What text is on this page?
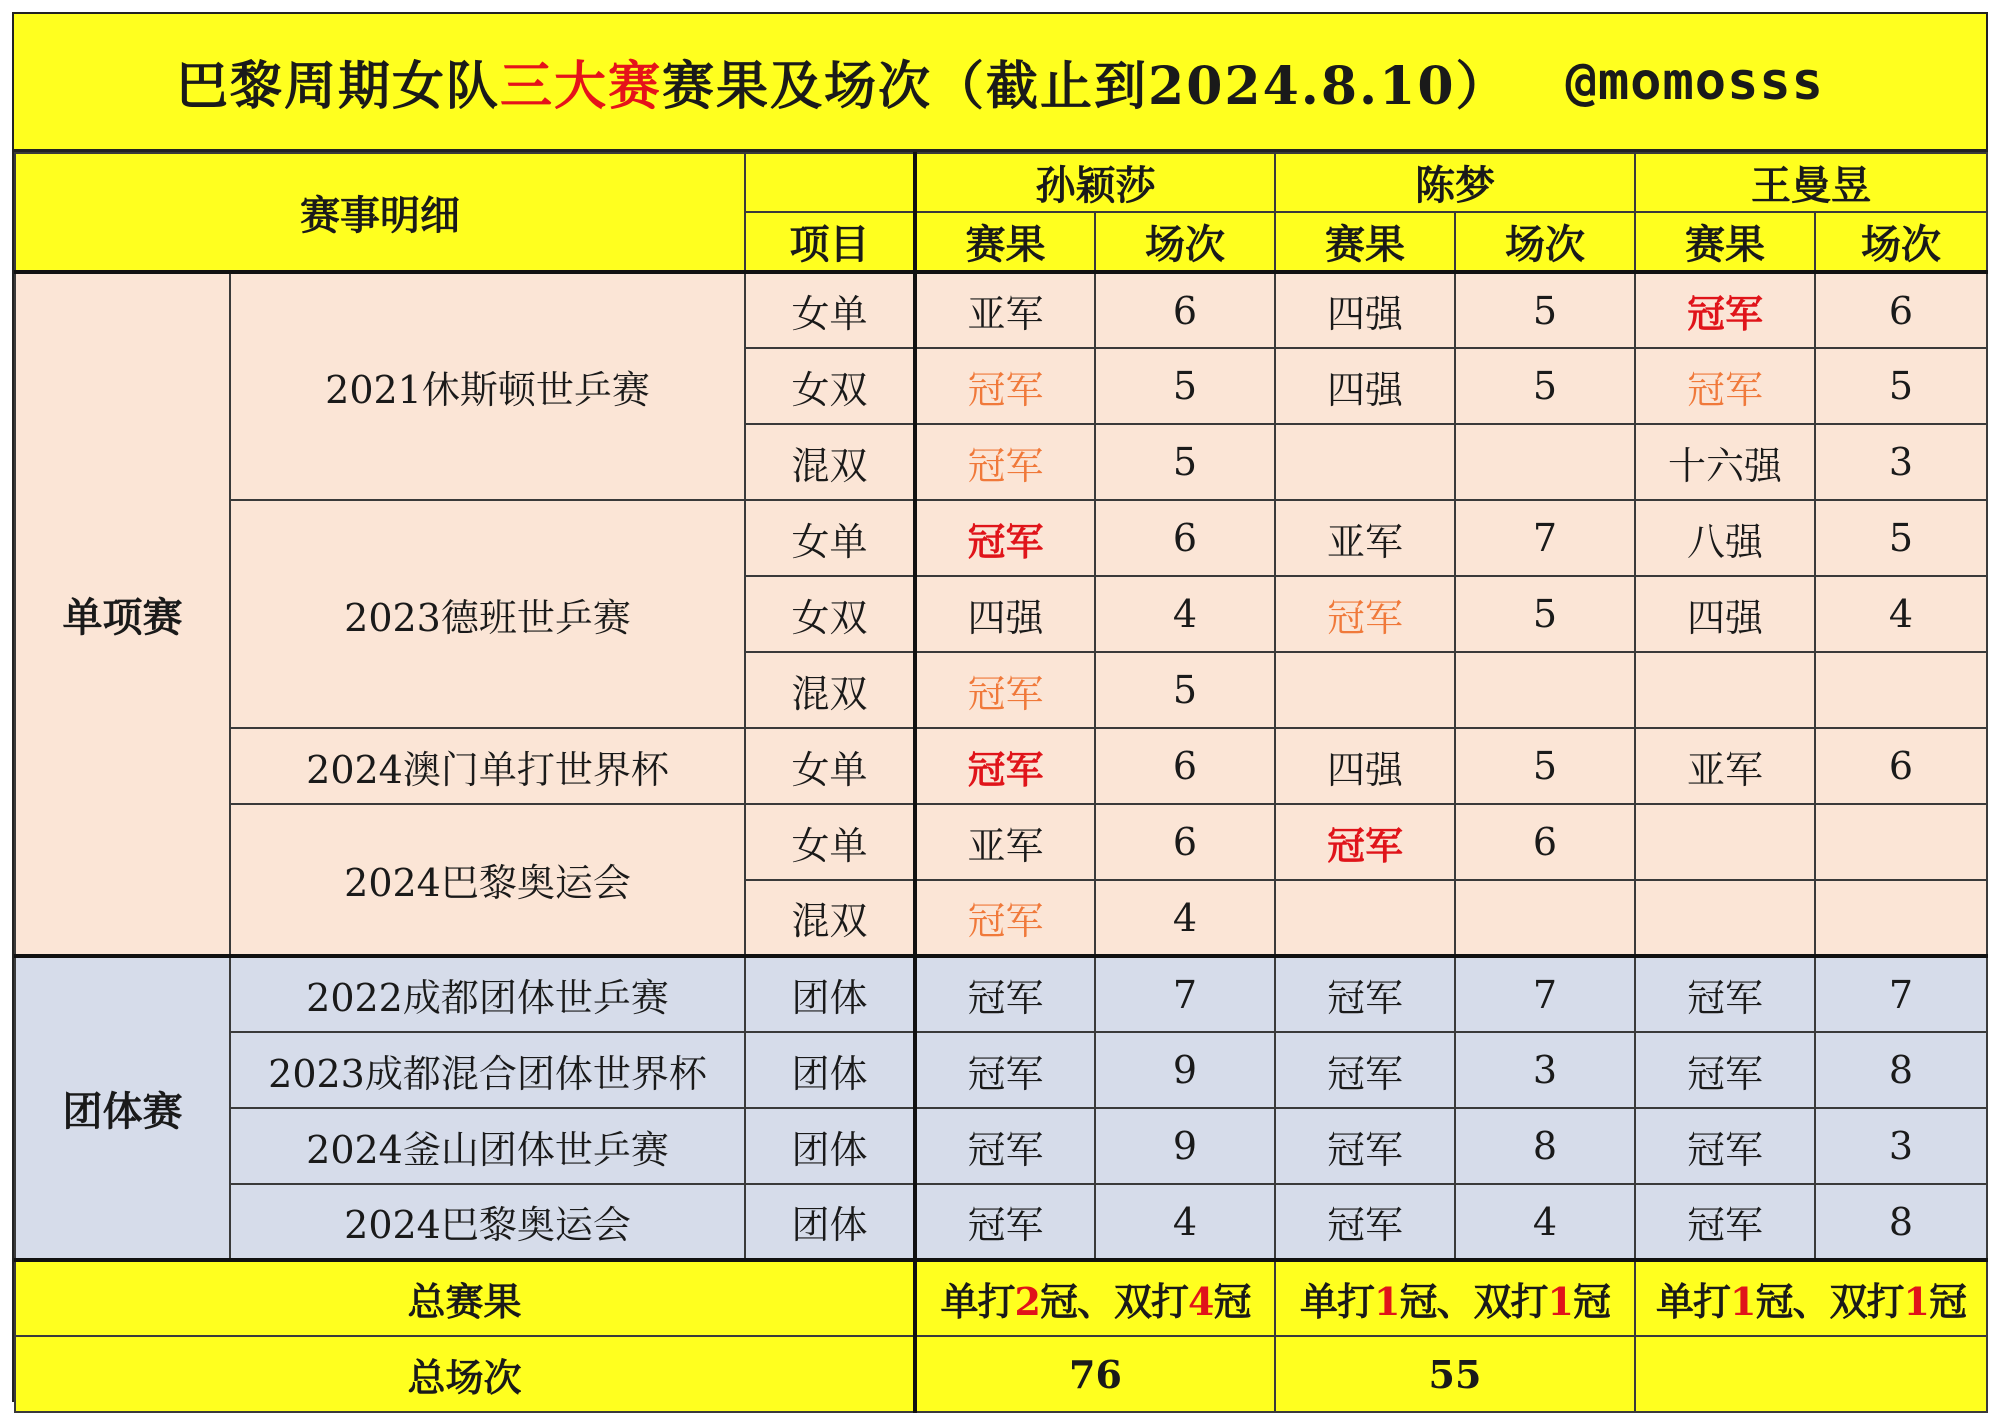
巴黎周期女队 三大赛 赛果及场次（截止到2024.8.10） @momosss
赛事明细			孙颖莎		陈梦		王曼昱	
		项目	赛果	场次	赛果	场次	赛果	场次
单项赛	2021休斯顿世乒赛	女单	亚军	6	四强	5	冠军	6
		女双	冠军	5	四强	5	冠军	5
		混双	冠军	5			十六强	3
	2023德班世乒赛	女单	冠军	6	亚军	7	八强	5
		女双	四强	4	冠军	5	四强	4
		混双	冠军	5				
	2024澳门单打世界杯	女单	冠军	6	四强	5	亚军	6
	2024巴黎奥运会	女单	亚军	6	冠军	6		
		混双	冠军	4				
团体赛	2022成都团体世乒赛	团体	冠军	7	冠军	7	冠军	7
	2023成都混合团体世界杯	团体	冠军	9	冠军	3	冠军	8
	2024釜山团体世乒赛	团体	冠军	9	冠军	8	冠军	3
	2024巴黎奥运会	团体	冠军	4	冠军	4	冠军	8
总赛果			单打2冠、双打4冠		单打1冠、双打1冠		单打1冠、双打1冠	
总场次			76		55			
